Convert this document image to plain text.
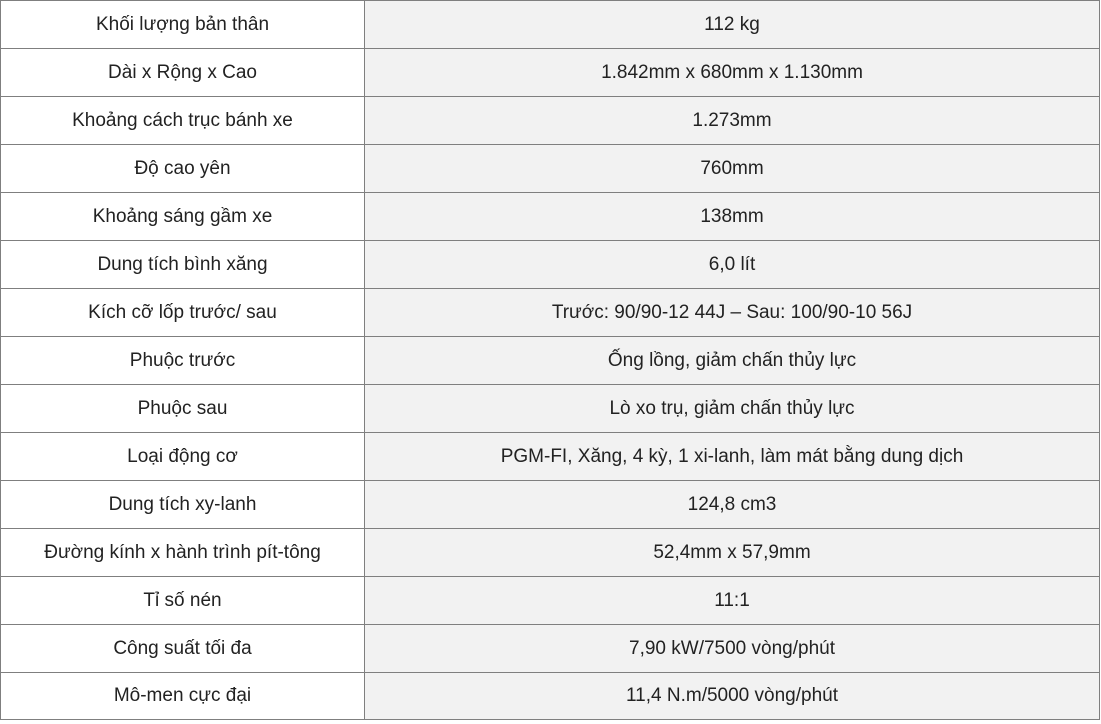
Khối lượng bản thân	112 kg
Dài x Rộng x Cao	1.842mm x 680mm x 1.130mm
Khoảng cách trục bánh xe	1.273mm
Độ cao yên	760mm
Khoảng sáng gầm xe	138mm
Dung tích bình xăng	6,0 lít
Kích cỡ lốp trước/ sau	Trước: 90/90-12 44J – Sau: 100/90-10 56J
Phuộc trước	Ống lồng, giảm chấn thủy lực
Phuộc sau	Lò xo trụ, giảm chấn thủy lực
Loại động cơ	PGM-FI, Xăng, 4 kỳ, 1 xi-lanh, làm mát bằng dung dịch
Dung tích xy-lanh	124,8 cm3
Đường kính x hành trình pít-tông	52,4mm x 57,9mm
Tỉ số nén	11:1
Công suất tối đa	7,90 kW/7500 vòng/phút
Mô-men cực đại	11,4 N.m/5000 vòng/phút
